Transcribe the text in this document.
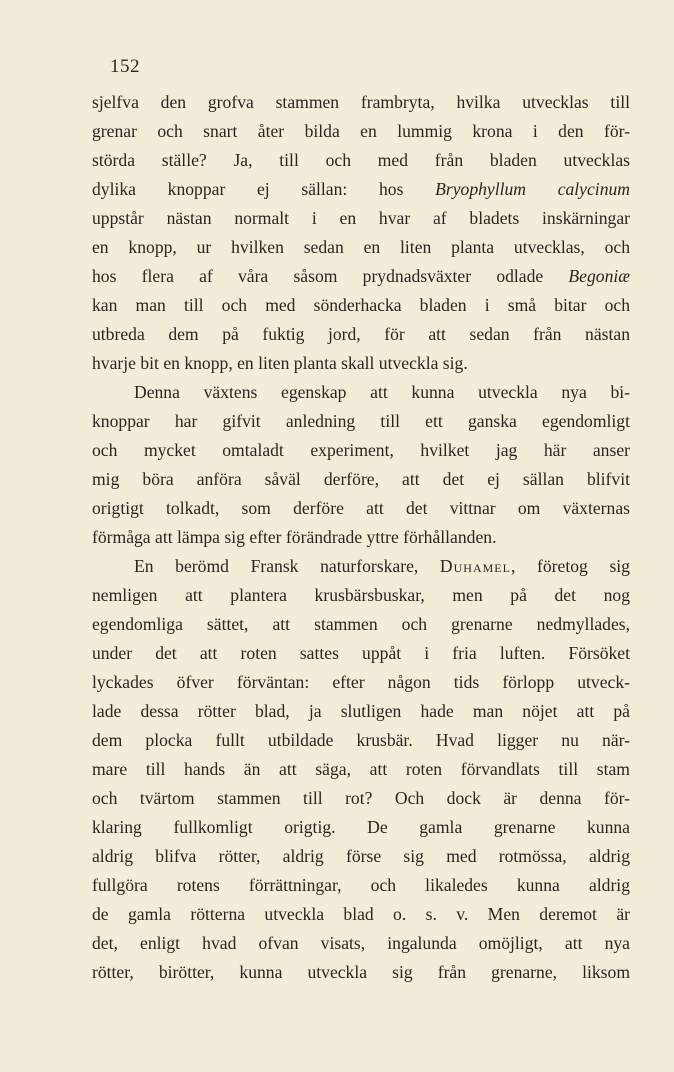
152
sjelfva den grofva stammen frambryta, hvilka utvecklas till
grenar och snart åter bilda en lummig krona i den för-
störda ställe? Ja, till och med från bladen utvecklas
dylika knoppar ej sällan: hos Bryophyllum calycinum
uppstår nästan normalt i en hvar af bladets inskärningar
en knopp, ur hvilken sedan en liten planta utvecklas, och
hos flera af våra såsom prydnadsväxter odlade Begoniæ
kan man till och med sönderhacka bladen i små bitar och
utbreda dem på fuktig jord, för att sedan från nästan
hvarje bit en knopp, en liten planta skall utveckla sig.
Denna växtens egenskap att kunna utveckla nya bi-
knoppar har gifvit anledning till ett ganska egendomligt
och mycket omtaladt experiment, hvilket jag här anser
mig böra anföra såväl derföre, att det ej sällan blifvit
origtigt tolkadt, som derföre att det vittnar om växternas
förmåga att lämpa sig efter förändrade yttre förhållanden.
En berömd Fransk naturforskare, Duhamel, företog sig
nemligen att plantera krusbärsbuskar, men på det nog
egendomliga sättet, att stammen och grenarne nedmyllades,
under det att roten sattes uppåt i fria luften. Försöket
lyckades öfver förväntan: efter någon tids förlopp utveck-
lade dessa rötter blad, ja slutligen hade man nöjet att på
dem plocka fullt utbildade krusbär. Hvad ligger nu när-
mare till hands än att säga, att roten förvandlats till stam
och tvärtom stammen till rot? Och dock är denna för-
klaring fullkomligt origtig. De gamla grenarne kunna
aldrig blifva rötter, aldrig förse sig med rotmössa, aldrig
fullgöra rotens förrättningar, och likaledes kunna aldrig
de gamla rötterna utveckla blad o. s. v. Men deremot är
det, enligt hvad ofvan visats, ingalunda omöjligt, att nya
rötter, birötter, kunna utveckla sig från grenarne, liksom
